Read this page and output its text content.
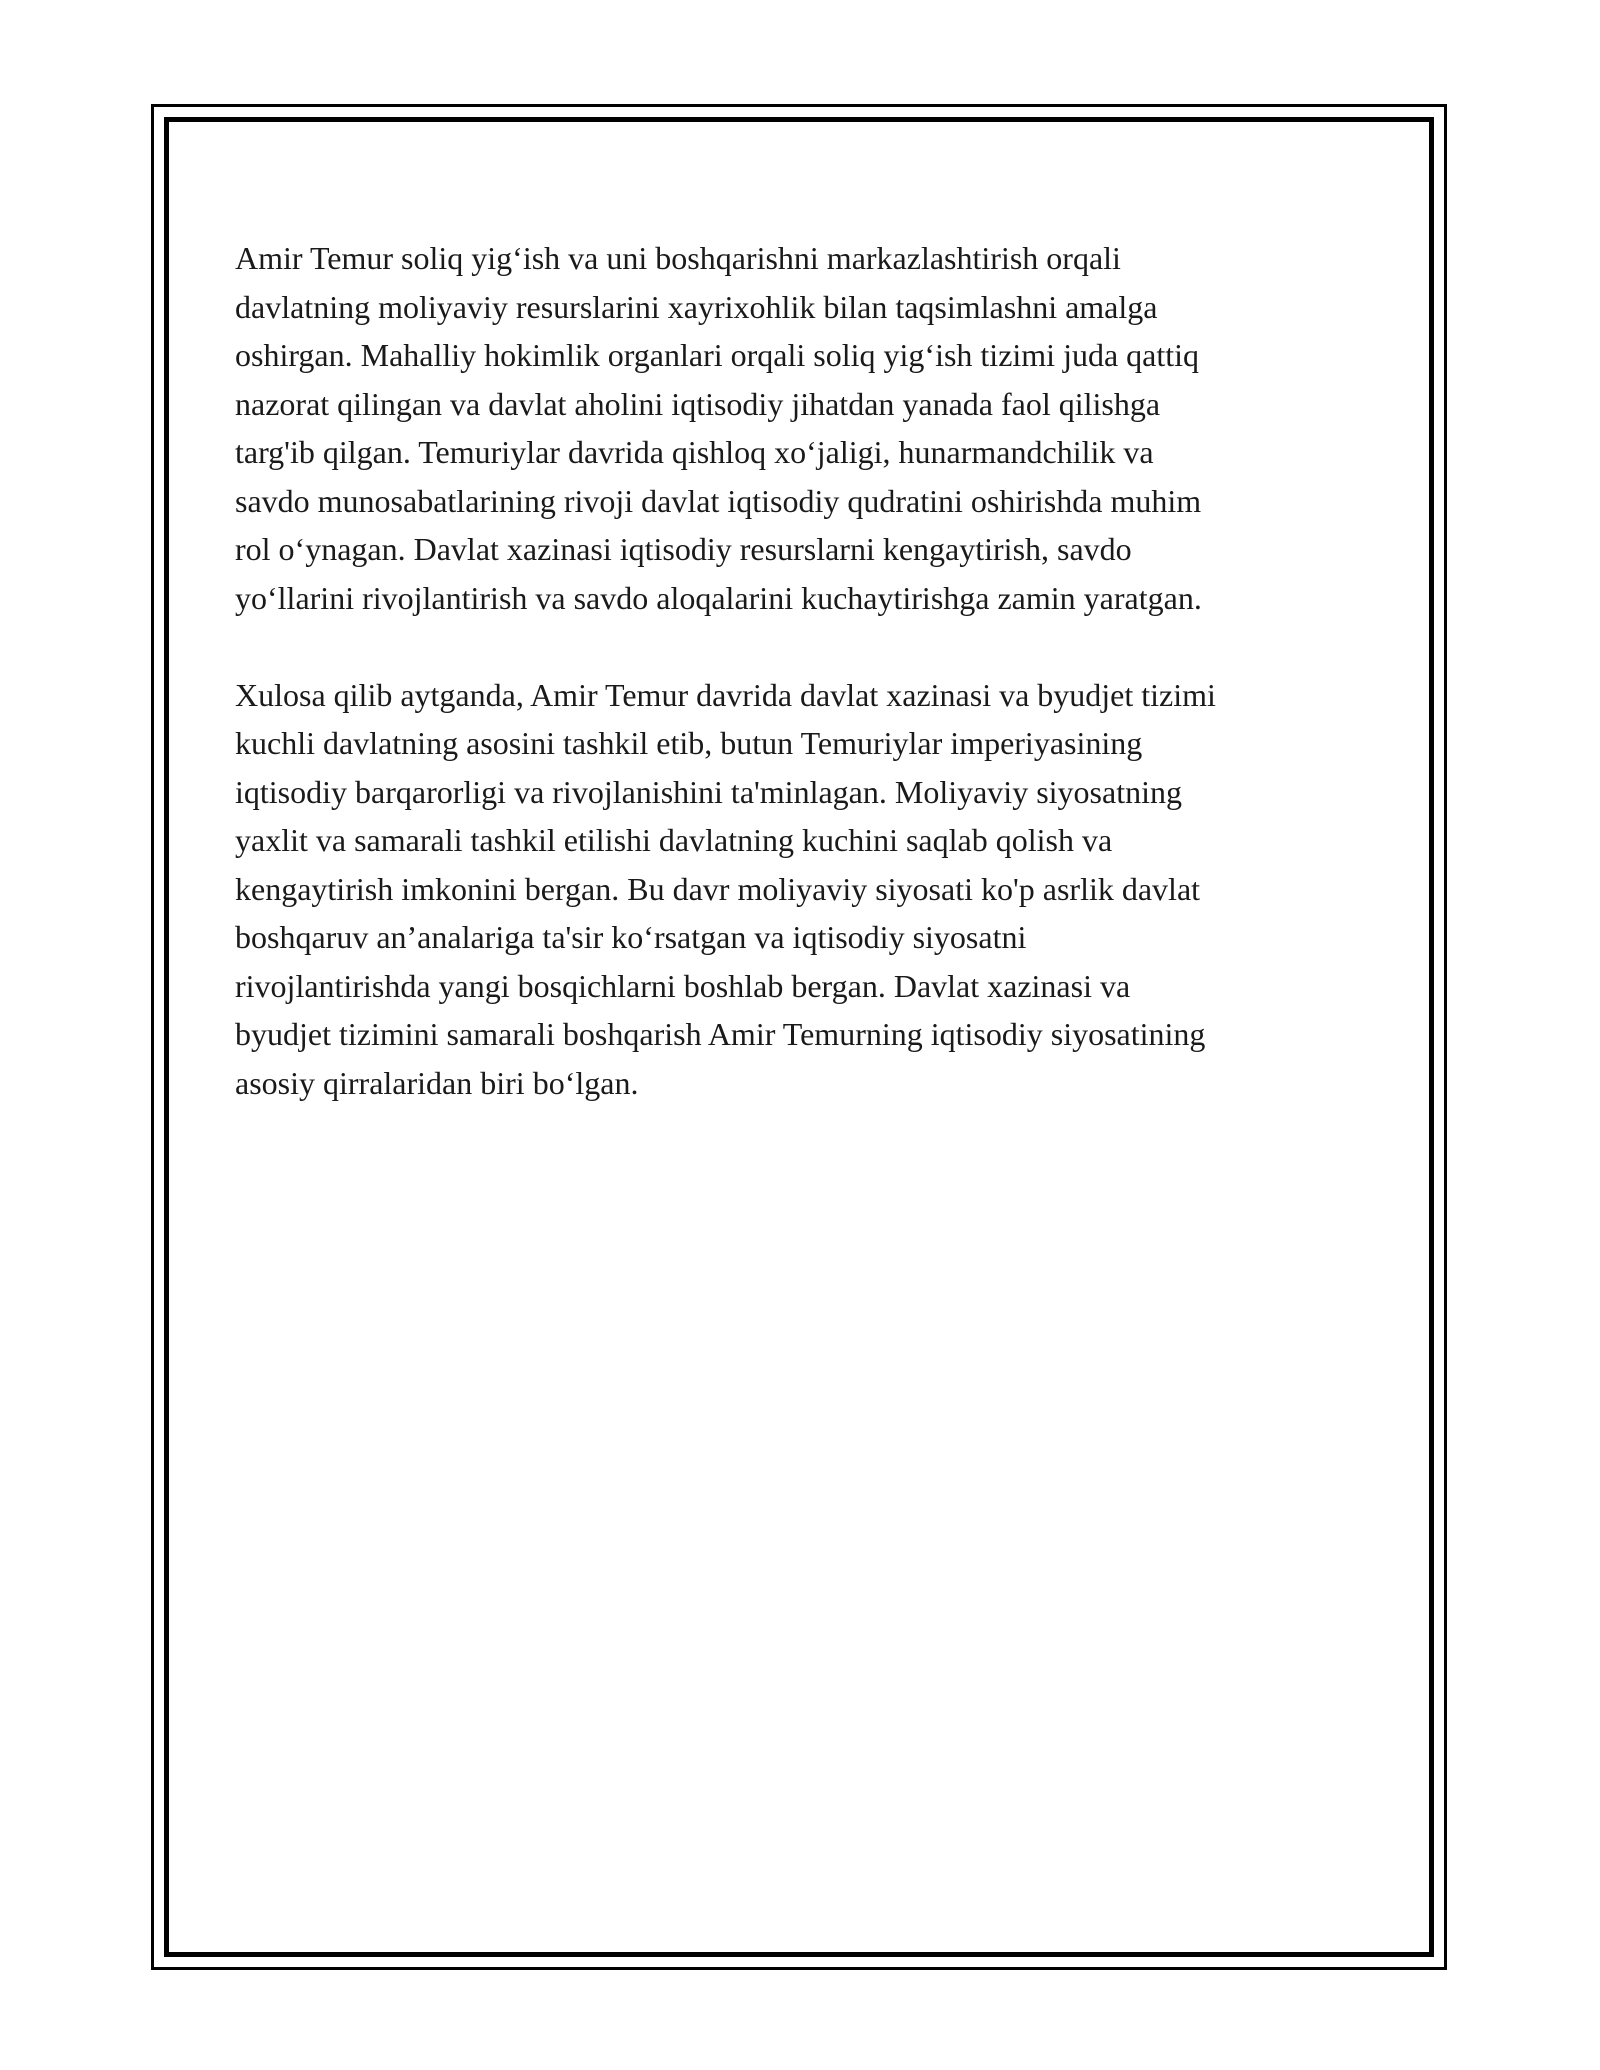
Amir Temur soliq yig‘ish va uni boshqarishni markazlashtirish orqali
davlatning moliyaviy resurslarini xayrixohlik bilan taqsimlashni amalga
oshirgan. Mahalliy hokimlik organlari orqali soliq yig‘ish tizimi juda qattiq
nazorat qilingan va davlat aholini iqtisodiy jihatdan yanada faol qilishga
targ'ib qilgan. Temuriylar davrida qishloq xo‘jaligi, hunarmandchilik va
savdo munosabatlarining rivoji davlat iqtisodiy qudratini oshirishda muhim
rol o‘ynagan. Davlat xazinasi iqtisodiy resurslarni kengaytirish, savdo
yo‘llarini rivojlantirish va savdo aloqalarini kuchaytirishga zamin yaratgan.

Xulosa qilib aytganda, Amir Temur davrida davlat xazinasi va byudjet tizimi
kuchli davlatning asosini tashkil etib, butun Temuriylar imperiyasining
iqtisodiy barqarorligi va rivojlanishini ta'minlagan. Moliyaviy siyosatning
yaxlit va samarali tashkil etilishi davlatning kuchini saqlab qolish va
kengaytirish imkonini bergan. Bu davr moliyaviy siyosati ko'p asrlik davlat
boshqaruv an’analariga ta'sir ko‘rsatgan va iqtisodiy siyosatni
rivojlantirishda yangi bosqichlarni boshlab bergan. Davlat xazinasi va
byudjet tizimini samarali boshqarish Amir Temurning iqtisodiy siyosatining
asosiy qirralaridan biri bo‘lgan.
